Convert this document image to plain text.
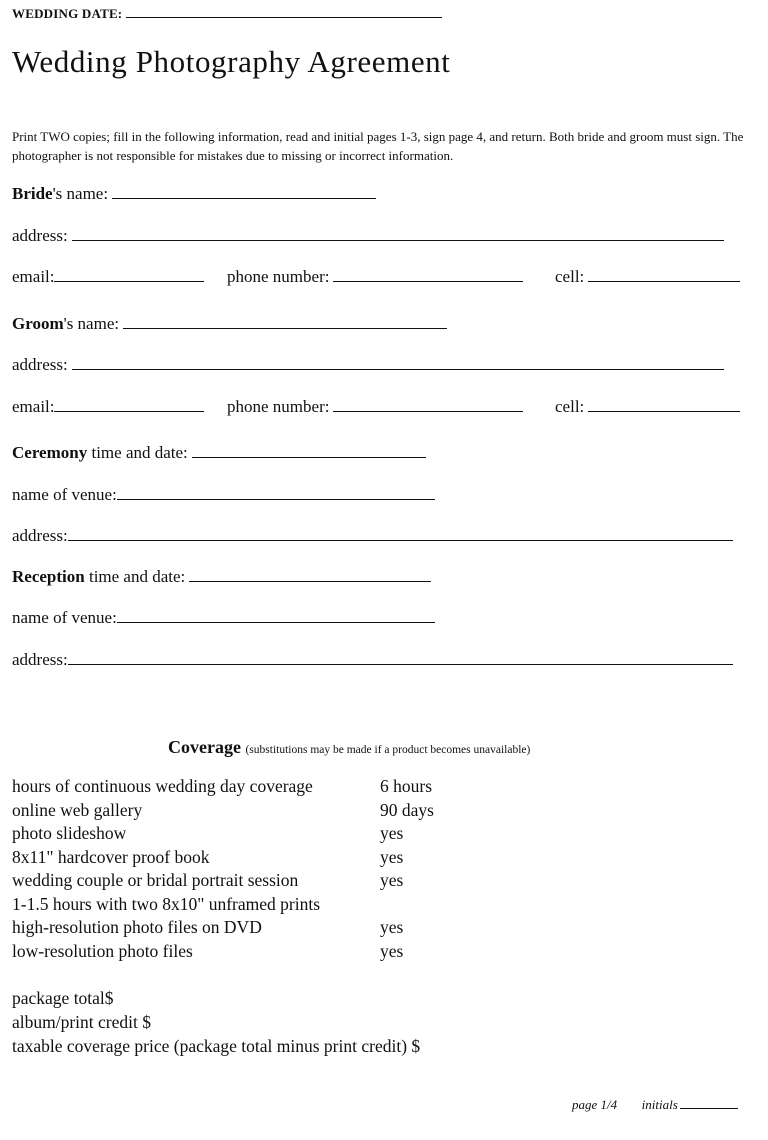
WEDDING DATE:
Wedding Photography Agreement
Print TWO copies; fill in the following information, read and initial pages 1-3, sign page 4, and return. Both bride and groom must sign. The photographer is not responsible for mistakes due to missing or incorrect information.
Bride's name:
address:
email:	phone number:	cell:
Groom's name:
address:
email:	phone number:	cell:
Ceremony time and date:
name of venue:
address:
Reception time and date:
name of venue:
address:
Coverage (substitutions may be made if a product becomes unavailable)
hours of continuous wedding day coverage	6 hours
online web gallery	90 days
photo slideshow	yes
8x11" hardcover proof book	yes
wedding couple or bridal portrait session	yes
1-1.5 hours with two 8x10" unframed prints
high-resolution photo files on DVD	yes
low-resolution photo files	yes
package total$
album/print credit $
taxable coverage price (package total minus print credit) $
page 1/4 initials
